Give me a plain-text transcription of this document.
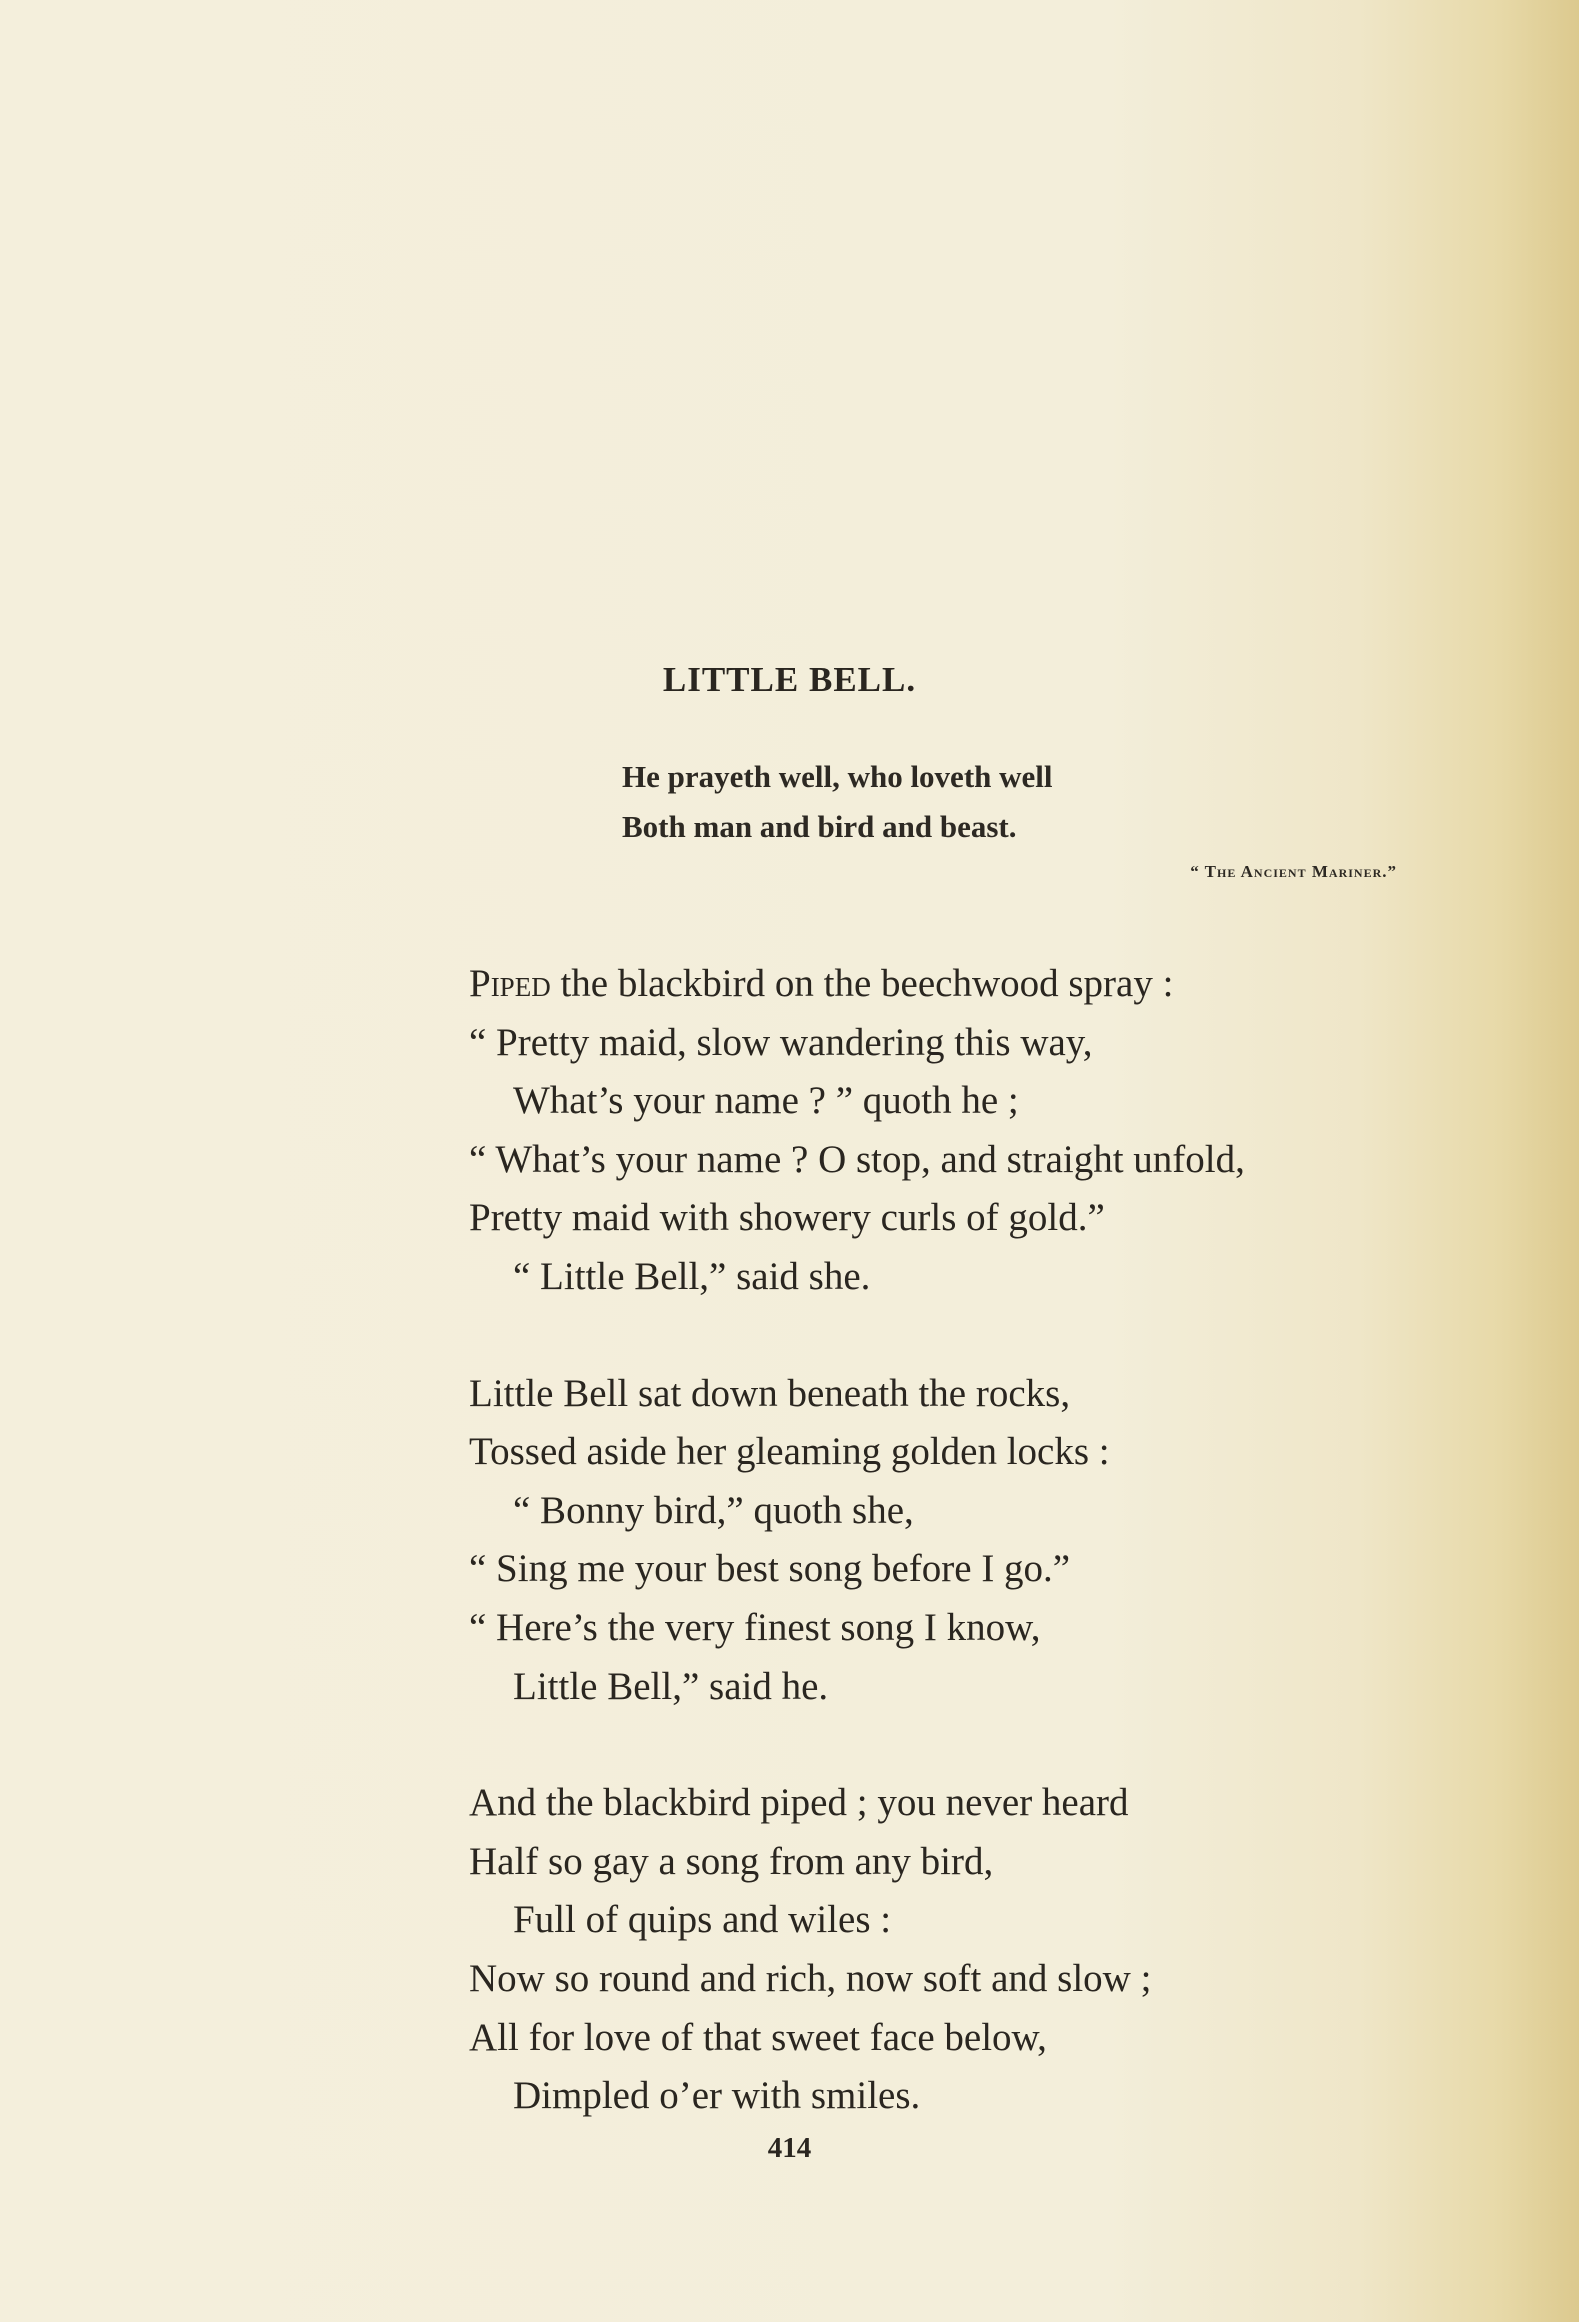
LITTLE BELL.
He prayeth well, who loveth well
Both man and bird and beast.
“ The Ancient Mariner.”
Piped the blackbird on the beechwood spray :
“ Pretty maid, slow wandering this way,
What’s your name ? ” quoth he ;
“ What’s your name ? O stop, and straight unfold,
Pretty maid with showery curls of gold.”
“ Little Bell,” said she.
Little Bell sat down beneath the rocks,
Tossed aside her gleaming golden locks :
“ Bonny bird,” quoth she,
“ Sing me your best song before I go.”
“ Here’s the very finest song I know,
Little Bell,” said he.
And the blackbird piped ; you never heard
Half so gay a song from any bird,
Full of quips and wiles :
Now so round and rich, now soft and slow ;
All for love of that sweet face below,
Dimpled o’er with smiles.
414
